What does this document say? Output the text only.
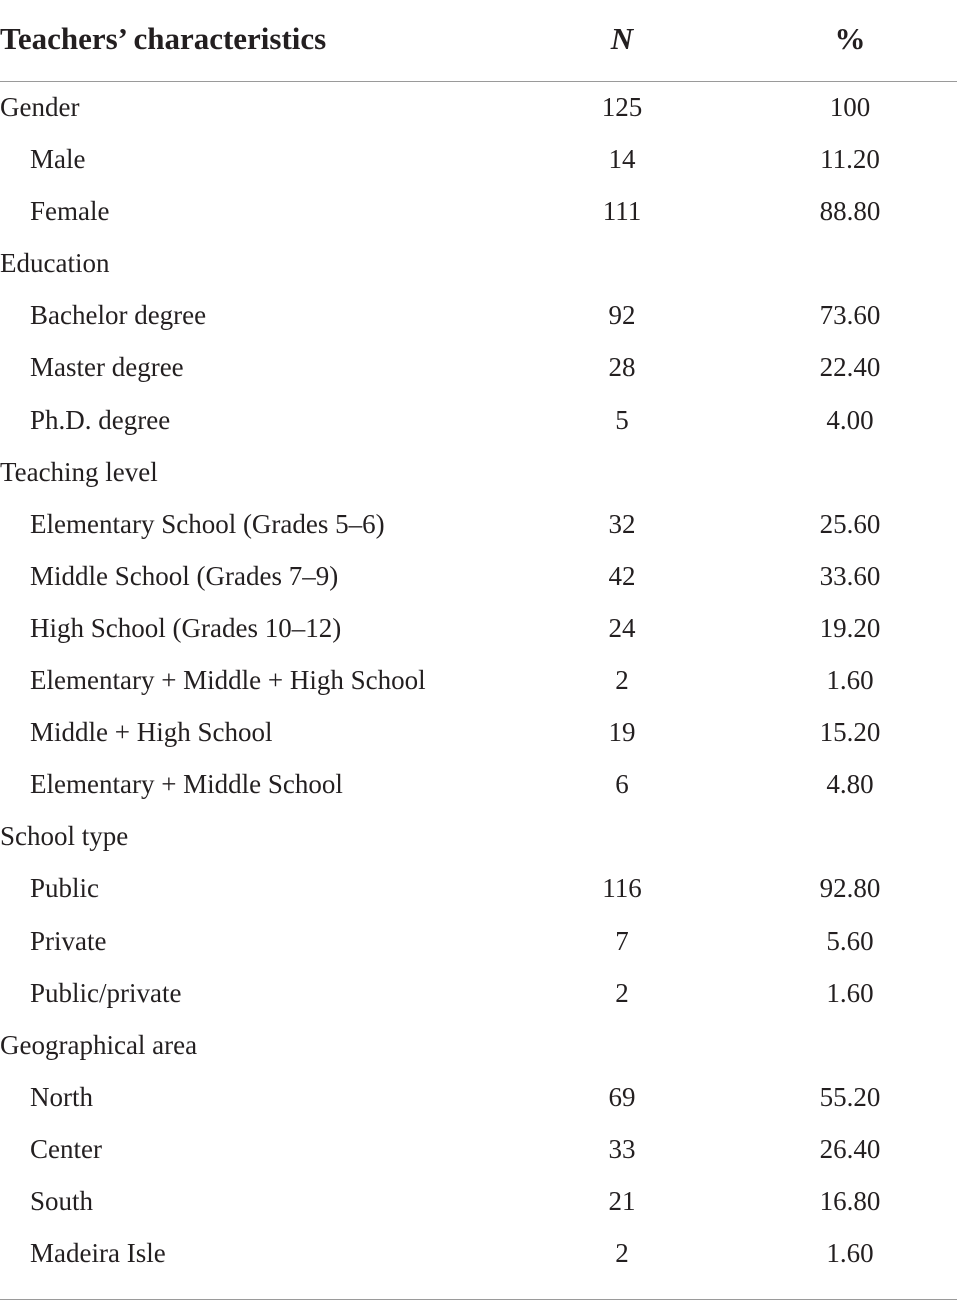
Teachers’ characteristics	N	%
Gender	125	100
Male	14	11.20
Female	111	88.80
Education
Bachelor degree	92	73.60
Master degree	28	22.40
Ph.D. degree	5	4.00
Teaching level
Elementary School (Grades 5–6)	32	25.60
Middle School (Grades 7–9)	42	33.60
High School (Grades 10–12)	24	19.20
Elementary + Middle + High School	2	1.60
Middle + High School	19	15.20
Elementary + Middle School	6	4.80
School type
Public	116	92.80
Private	7	5.60
Public/private	2	1.60
Geographical area
North	69	55.20
Center	33	26.40
South	21	16.80
Madeira Isle	2	1.60
